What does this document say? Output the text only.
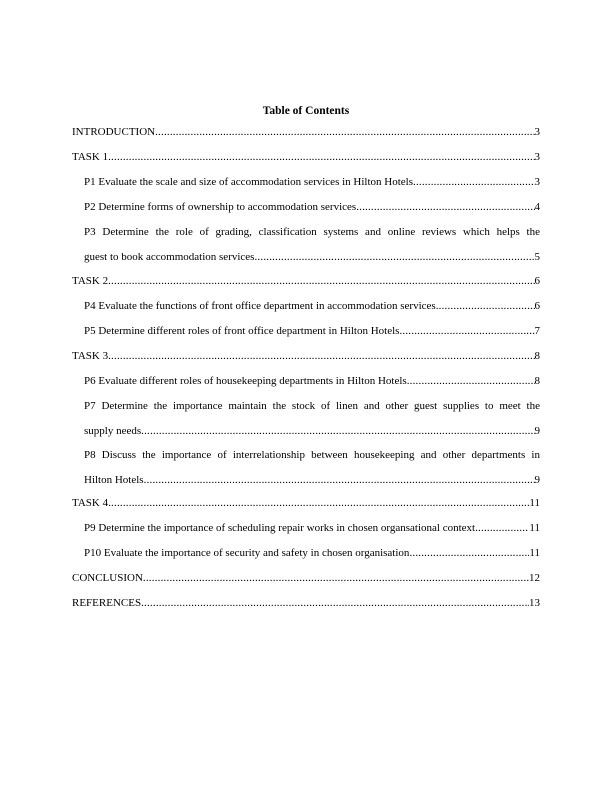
Table of Contents
INTRODUCTION .....	3
TASK 1 .....	3
P1 Evaluate the scale and size of accommodation services in Hilton Hotels .....	3
P2 Determine forms of ownership to accommodation services .....	4
P3 Determine the role of grading, classification systems and online reviews which helps the
guest to book accommodation services .....	5
TASK 2 .....	6
P4 Evaluate the functions of front office department in accommodation services .....	6
P5 Determine different roles of front office department in Hilton Hotels .....	7
TASK 3 .....	8
P6 Evaluate different roles of housekeeping departments in Hilton Hotels .....	8
P7 Determine the importance maintain the stock of linen and other guest supplies to meet the
supply needs .....	9
P8 Discuss the importance of interrelationship between housekeeping and other departments in
Hilton Hotels .....	9
TASK 4 .....	11
P9 Determine the importance of scheduling repair works in chosen organsational context .....	11
P10 Evaluate the importance of security and safety in chosen organisation .....	11
CONCLUSION .....	12
REFERENCES .....	13
